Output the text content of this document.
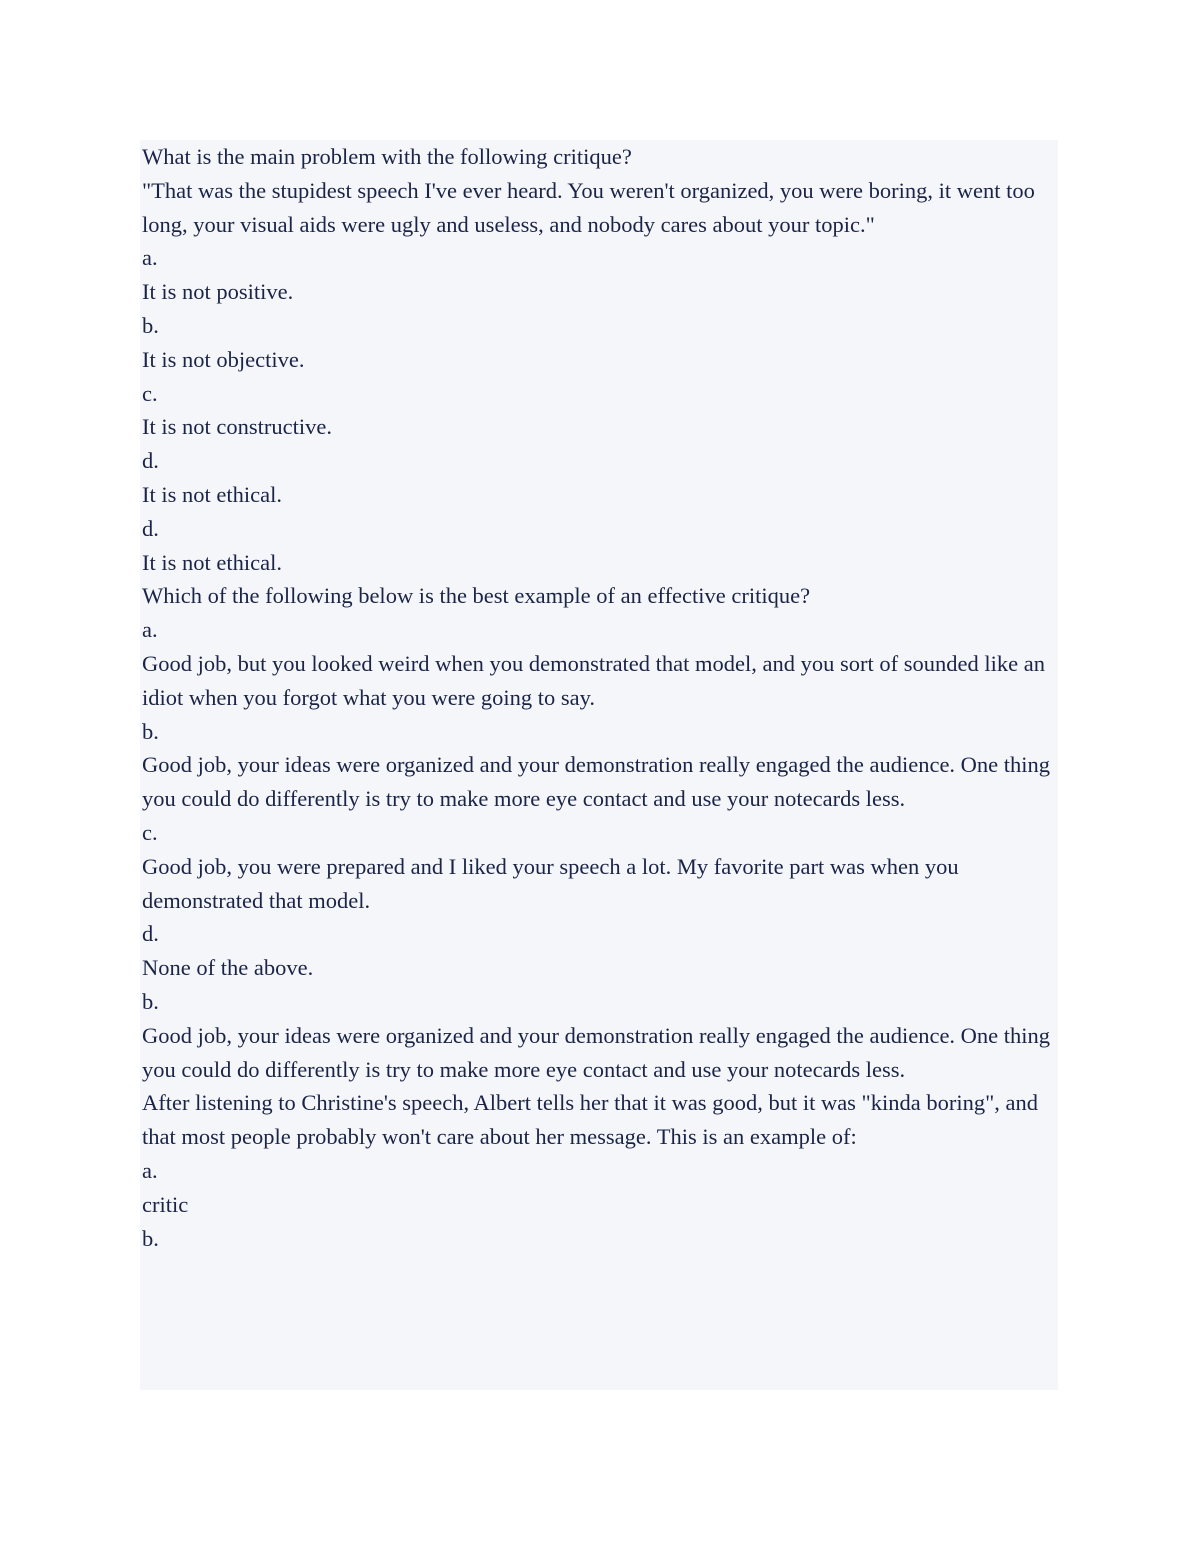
What is the main problem with the following critique?

"That was the stupidest speech I've ever heard. You weren't organized, you were boring, it went too long, your visual aids were ugly and useless, and nobody cares about your topic."

a.

It is not positive.

b.

It is not objective.

c.

It is not constructive.

d.

It is not ethical.

d.

It is not ethical.

Which of the following below is the best example of an effective critique?

a.

Good job, but you looked weird when you demonstrated that model, and you sort of sounded like an idiot when you forgot what you were going to say.

b.

Good job, your ideas were organized and your demonstration really engaged the audience. One thing you could do differently is try to make more eye contact and use your notecards less.

c.

Good job, you were prepared and I liked your speech a lot. My favorite part was when you demonstrated that model.

d.

None of the above.

b.

Good job, your ideas were organized and your demonstration really engaged the audience. One thing you could do differently is try to make more eye contact and use your notecards less.

After listening to Christine's speech, Albert tells her that it was good, but it was "kinda boring", and that most people probably won't care about her message. This is an example of:

a.

critic

b.
